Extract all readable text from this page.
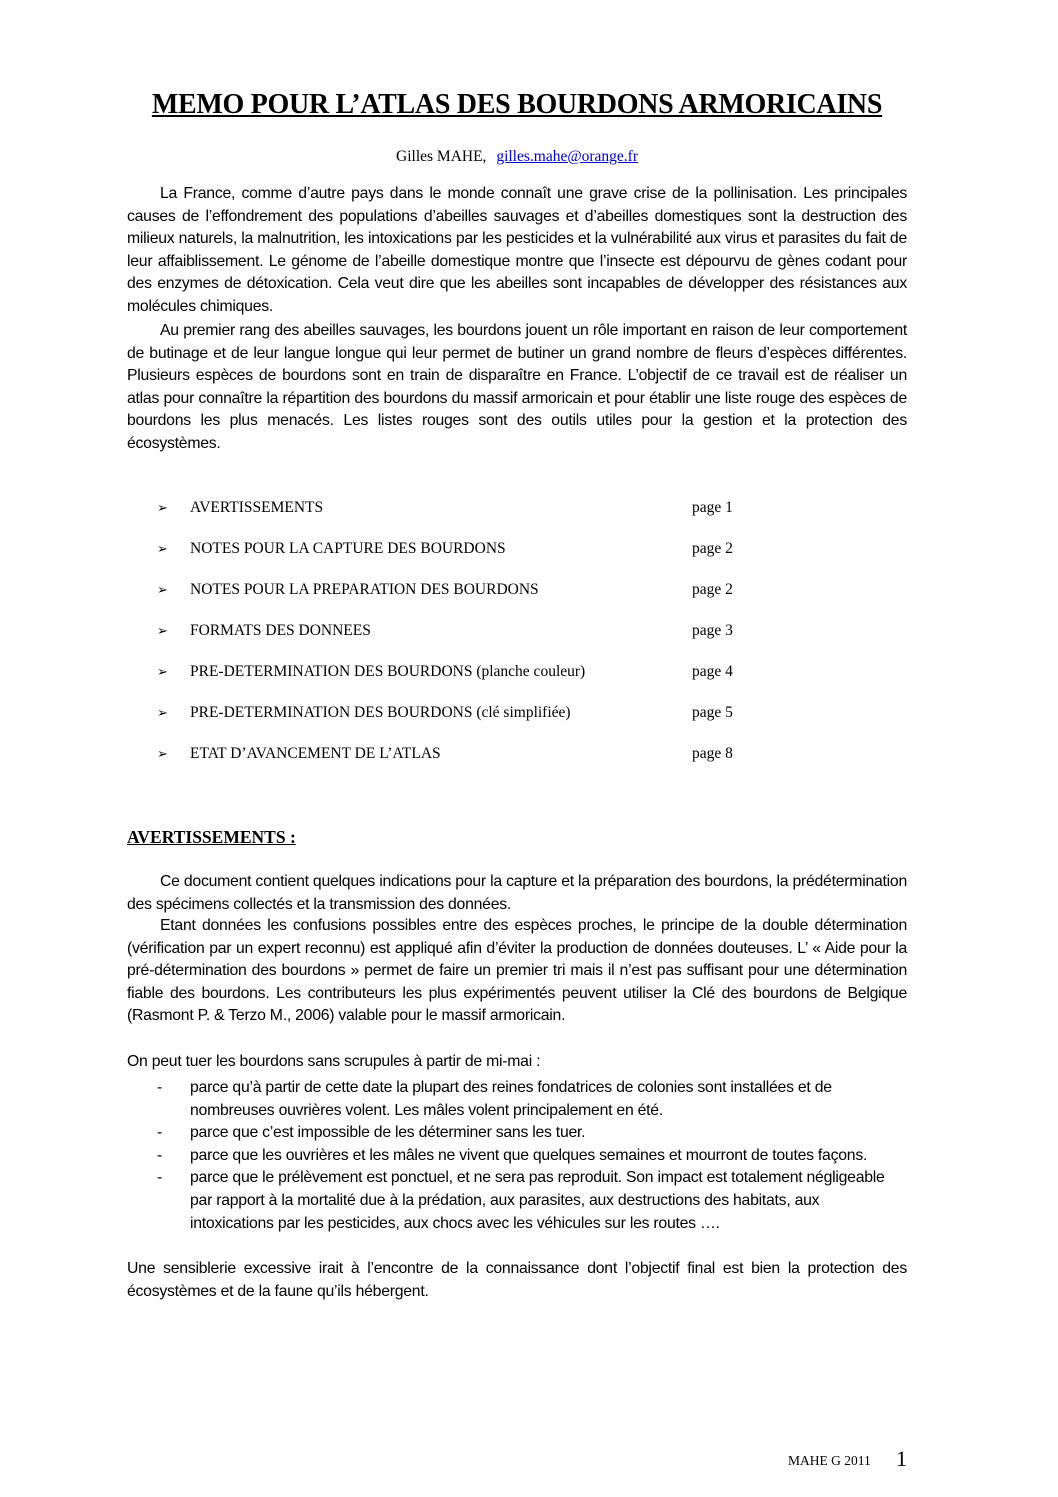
MEMO POUR L’ATLAS DES BOURDONS ARMORICAINS
Gilles MAHE, gilles.mahe@orange.fr

La France, comme d’autre pays dans le monde connaît une grave crise de la pollinisation. Les principales causes de l’effondrement des populations d’abeilles sauvages et d’abeilles domestiques sont la destruction des milieux naturels, la malnutrition, les intoxications par les pesticides et la vulnérabilité aux virus et parasites du fait de leur affaiblissement. Le génome de l’abeille domestique montre que l’insecte est dépourvu de gènes codant pour des enzymes de détoxication. Cela veut dire que les abeilles sont incapables de développer des résistances aux molécules chimiques.

Au premier rang des abeilles sauvages, les bourdons jouent un rôle important en raison de leur comportement de butinage et de leur langue longue qui leur permet de butiner un grand nombre de fleurs d’espèces différentes. Plusieurs espèces de bourdons sont en train de disparaître en France. L’objectif de ce travail est de réaliser un atlas pour connaître la répartition des bourdons du massif armoricain et pour établir une liste rouge des espèces de bourdons les plus menacés. Les listes rouges sont des outils utiles pour la gestion et la protection des écosystèmes.

➢ AVERTISSEMENTS	page 1
➢ NOTES POUR LA CAPTURE DES BOURDONS	page 2
➢ NOTES POUR LA PREPARATION DES BOURDONS	page 2
➢ FORMATS DES DONNEES	page 3
➢ PRE-DETERMINATION DES BOURDONS (planche couleur)	page 4
➢ PRE-DETERMINATION DES BOURDONS (clé simplifiée)	page 5
➢ ETAT D’AVANCEMENT DE L’ATLAS	page 8
AVERTISSEMENTS :

Ce document contient quelques indications pour la capture et la préparation des bourdons, la prédétermination des spécimens collectés et la transmission des données.

Etant données les confusions possibles entre des espèces proches, le principe de la double détermination (vérification par un expert reconnu) est appliqué afin d’éviter la production de données douteuses. L’ « Aide pour la pré-détermination des bourdons » permet de faire un premier tri mais il n’est pas suffisant pour une détermination fiable des bourdons. Les contributeurs les plus expérimentés peuvent utiliser la Clé des bourdons de Belgique (Rasmont P. & Terzo M., 2006) valable pour le massif armoricain.

On peut tuer les bourdons sans scrupules à partir de mi-mai :

- parce qu’à partir de cette date la plupart des reines fondatrices de colonies sont installées et de nombreuses ouvrières volent. Les mâles volent principalement en été.
- parce que c’est impossible de les déterminer sans les tuer.
- parce que les ouvrières et les mâles ne vivent que quelques semaines et mourront de toutes façons.
- parce que le prélèvement est ponctuel, et ne sera pas reproduit. Son impact est totalement négligeable par rapport à la mortalité due à la prédation, aux parasites, aux destructions des habitats, aux intoxications par les pesticides, aux chocs avec les véhicules sur les routes ….

Une sensiblerie excessive irait à l’encontre de la connaissance dont l’objectif final est bien la protection des écosystèmes et de la faune qu’ils hébergent.

MAHE G 2011 1
